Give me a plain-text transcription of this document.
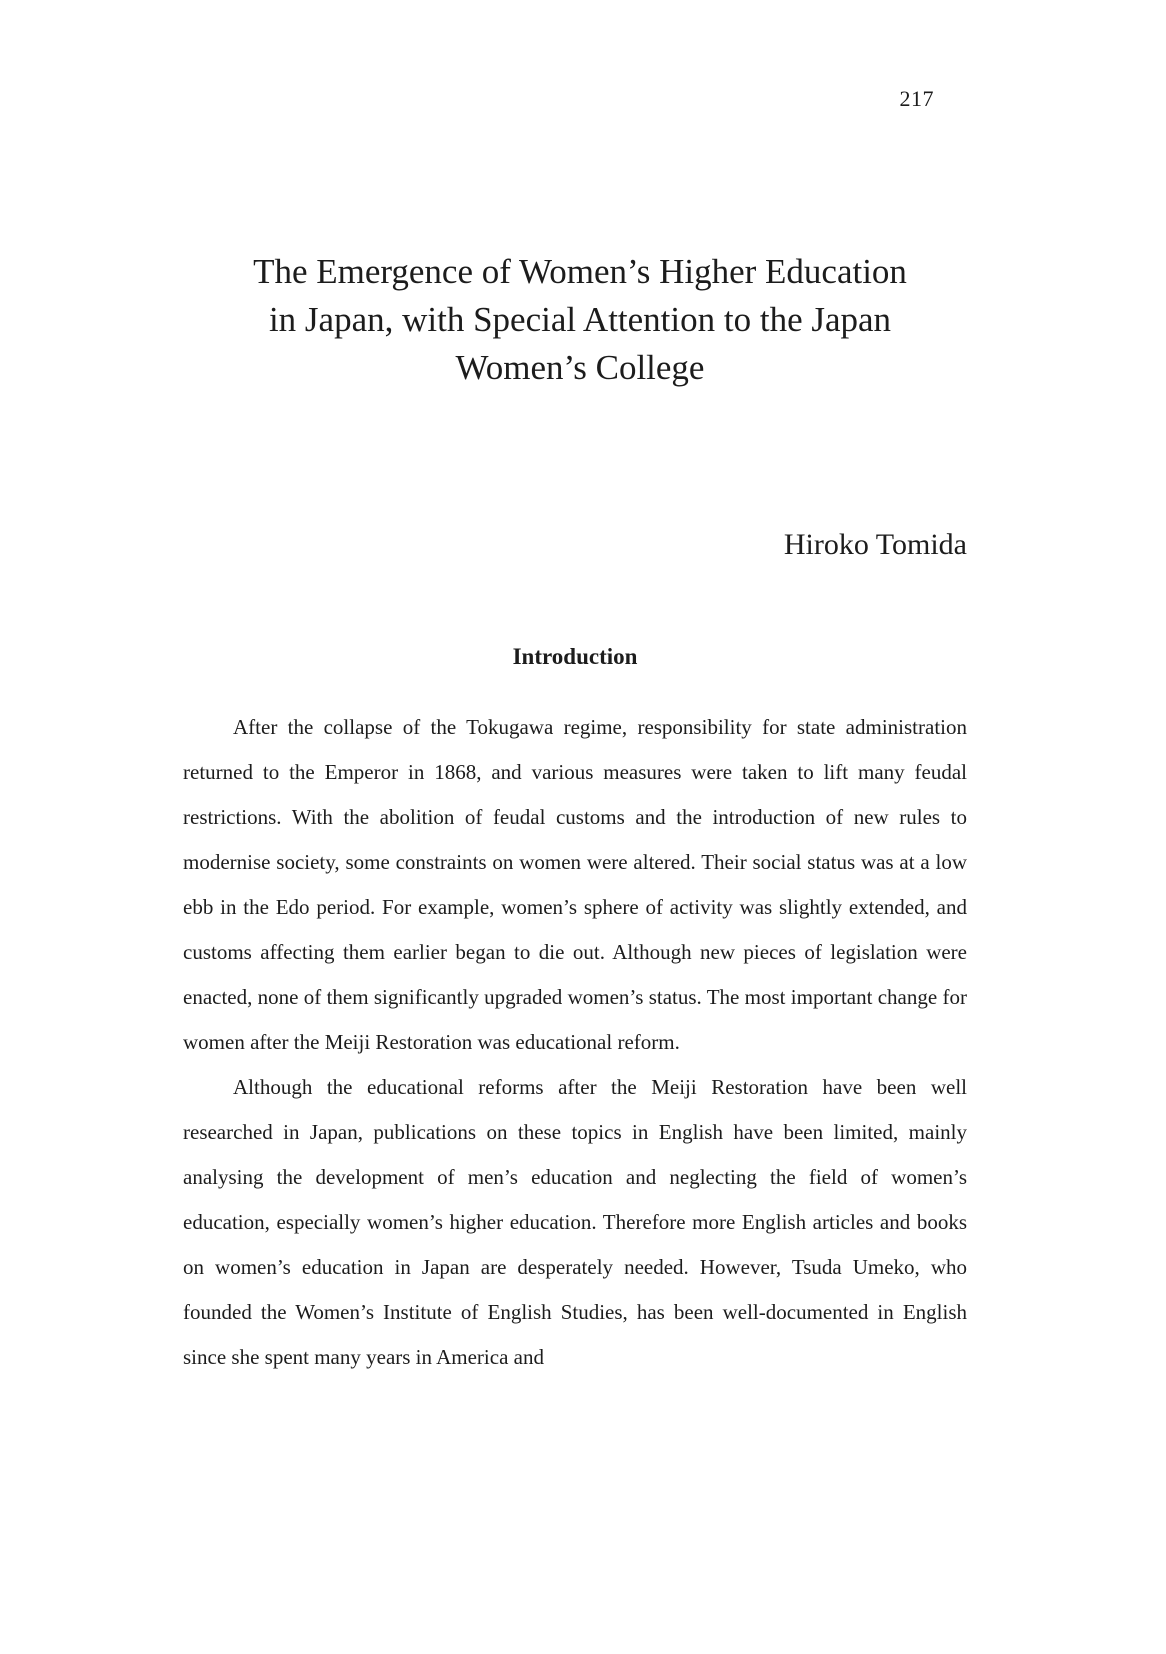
217
The Emergence of Women’s Higher Education
in Japan, with Special Attention to the Japan
Women’s College
Hiroko Tomida
Introduction

After the collapse of the Tokugawa regime, responsibility for state administration returned to the Emperor in 1868, and various measures were taken to lift many feudal restrictions. With the abolition of feudal customs and the introduction of new rules to modernise society, some constraints on women were altered. Their social status was at a low ebb in the Edo period. For example, women’s sphere of activity was slightly extended, and customs affecting them earlier began to die out. Although new pieces of legislation were enacted, none of them significantly upgraded women’s status. The most important change for women after the Meiji Restoration was educational reform.

Although the educational reforms after the Meiji Restoration have been well researched in Japan, publications on these topics in English have been limited, mainly analysing the development of men’s education and neglecting the field of women’s education, especially women’s higher education. Therefore more English articles and books on women’s education in Japan are desperately needed. However, Tsuda Umeko, who founded the Women’s Institute of English Studies, has been well-documented in English since she spent many years in America and
